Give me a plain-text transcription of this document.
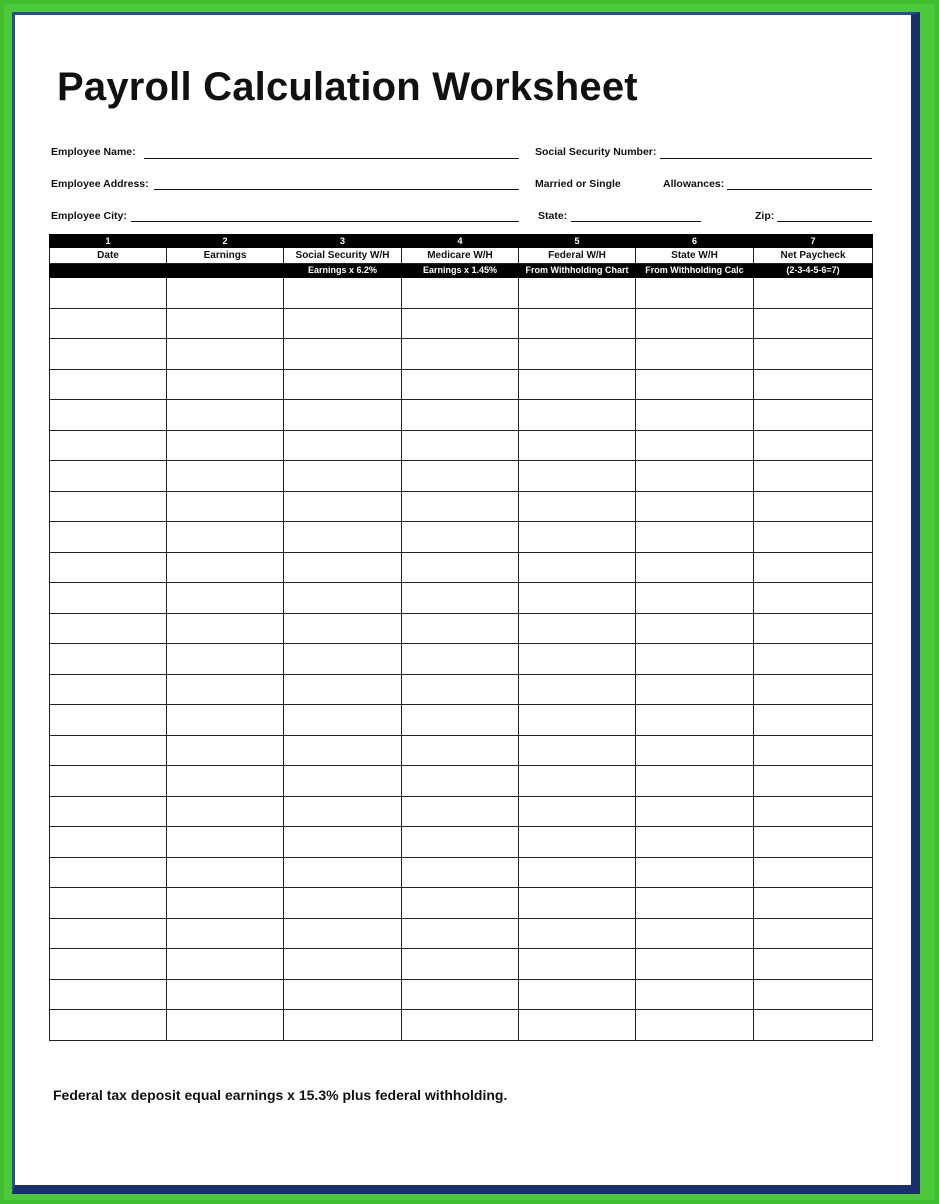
Payroll Calculation Worksheet
Employee Name:	Social Security Number:
Employee Address:	Married or Single	Allowances:
Employee City:	State:	Zip:
1	2	3	4	5	6	7
Date	Earnings	Social Security W/H	Medicare W/H	Federal W/H	State W/H	Net Paycheck
		Earnings x 6.2%	Earnings x 1.45%	From Withholding Chart	From Withholding Calc	(2-3-4-5-6=7)

Federal tax deposit equal earnings x 15.3% plus federal withholding.
